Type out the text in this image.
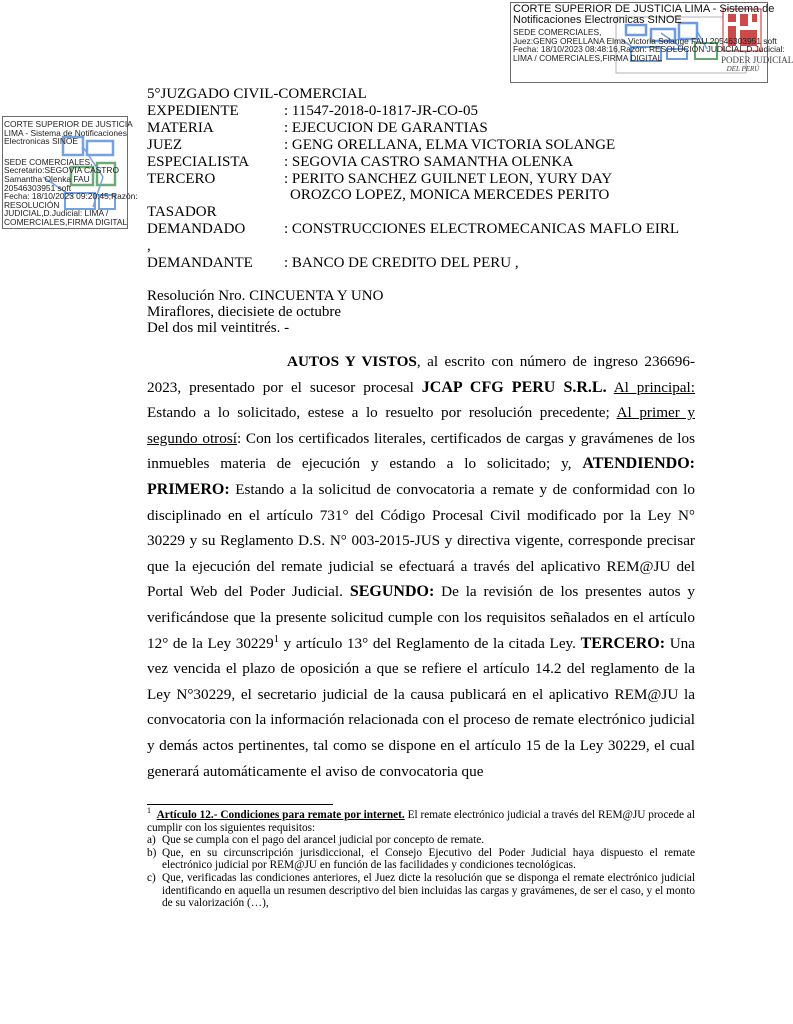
CORTE SUPERIOR DE JUSTICIA LIMA - Sistema de
Notificaciones Electronicas SINOE
SEDE COMERCIALES,
Juez:GENG ORELLANA Elma Victoria Solange FAU 20546303951 soft
Fecha: 18/10/2023 08:48:16,Razón: RESOLUCIÓN JUDICIAL,D.Judicial:
LIMA / COMERCIALES,FIRMA DIGITAL	PODER JUDICIAL
DEL PERÚ
CORTE SUPERIOR DE JUSTICIA
LIMA - Sistema de Notificaciones
Electronicas SINOE
SEDE COMERCIALES,
Secretario:SEGOVIA CASTRO
Samantha Olenka FAU
20546303951 soft
Fecha: 18/10/2023 09:20:45,Razón:
RESOLUCIÓN
JUDICIAL,D.Judicial: LIMA /
COMERCIALES,FIRMA DIGITAL
5°JUZGADO CIVIL-COMERCIAL
EXPEDIENTE	: 11547-2018-0-1817-JR-CO-05
MATERIA	: EJECUCION DE GARANTIAS
JUEZ	: GENG ORELLANA, ELMA VICTORIA SOLANGE
ESPECIALISTA	: SEGOVIA CASTRO SAMANTHA OLENKA
TERCERO	: PERITO SANCHEZ GUILNET LEON, YURY DAY
OROZCO LOPEZ, MONICA MERCEDES PERITO
TASADOR
DEMANDADO	: CONSTRUCCIONES ELECTROMECANICAS MAFLO EIRL
,
DEMANDANTE	: BANCO DE CREDITO DEL PERU ,
Resolución Nro. CINCUENTA Y UNO
Miraflores, diecisiete de octubre
Del dos mil veintitrés. -

AUTOS Y VISTOS, al escrito con número de ingreso 236696-2023, presentado por el sucesor procesal JCAP CFG PERU S.R.L. Al principal: Estando a lo solicitado, estese a lo resuelto por resolución precedente; Al primer y segundo otrosí: Con los certificados literales, certificados de cargas y gravámenes de los inmuebles materia de ejecución y estando a lo solicitado; y, ATENDIENDO: PRIMERO: Estando a la solicitud de convocatoria a remate y de conformidad con lo disciplinado en el artículo 731° del Código Procesal Civil modificado por la Ley N° 30229 y su Reglamento D.S. N° 003-2015-JUS y directiva vigente, corresponde precisar que la ejecución del remate judicial se efectuará a través del aplicativo REM@JU del Portal Web del Poder Judicial. SEGUNDO: De la revisión de los presentes autos y verificándose que la presente solicitud cumple con los requisitos señalados en el artículo 12° de la Ley 30229$^1$ y artículo 13° del Reglamento de la citada Ley. TERCERO: Una vez vencida el plazo de oposición a que se refiere el artículo 14.2 del reglamento de la Ley N°30229, el secretario judicial de la causa publicará en el aplicativo REM@JU la convocatoria con la información relacionada con el proceso de remate electrónico judicial y demás actos pertinentes, tal como se dispone en el artículo 15 de la Ley 30229, el cual generará automáticamente el aviso de convocatoria que

$^1$ Artículo 12.- Condiciones para remate por internet. El remate electrónico judicial a través del REM@JU procede al cumplir con los siguientes requisitos:

a) Que se cumpla con el pago del arancel judicial por concepto de remate.
b) Que, en su circunscripción jurisdiccional, el Consejo Ejecutivo del Poder Judicial haya dispuesto el remate electrónico judicial por REM@JU en función de las facilidades y condiciones tecnológicas.
c) Que, verificadas las condiciones anteriores, el Juez dicte la resolución que se disponga el remate electrónico judicial identificando en aquella un resumen descriptivo del bien incluidas las cargas y gravámenes, de ser el caso, y el monto de su valorización (…),
